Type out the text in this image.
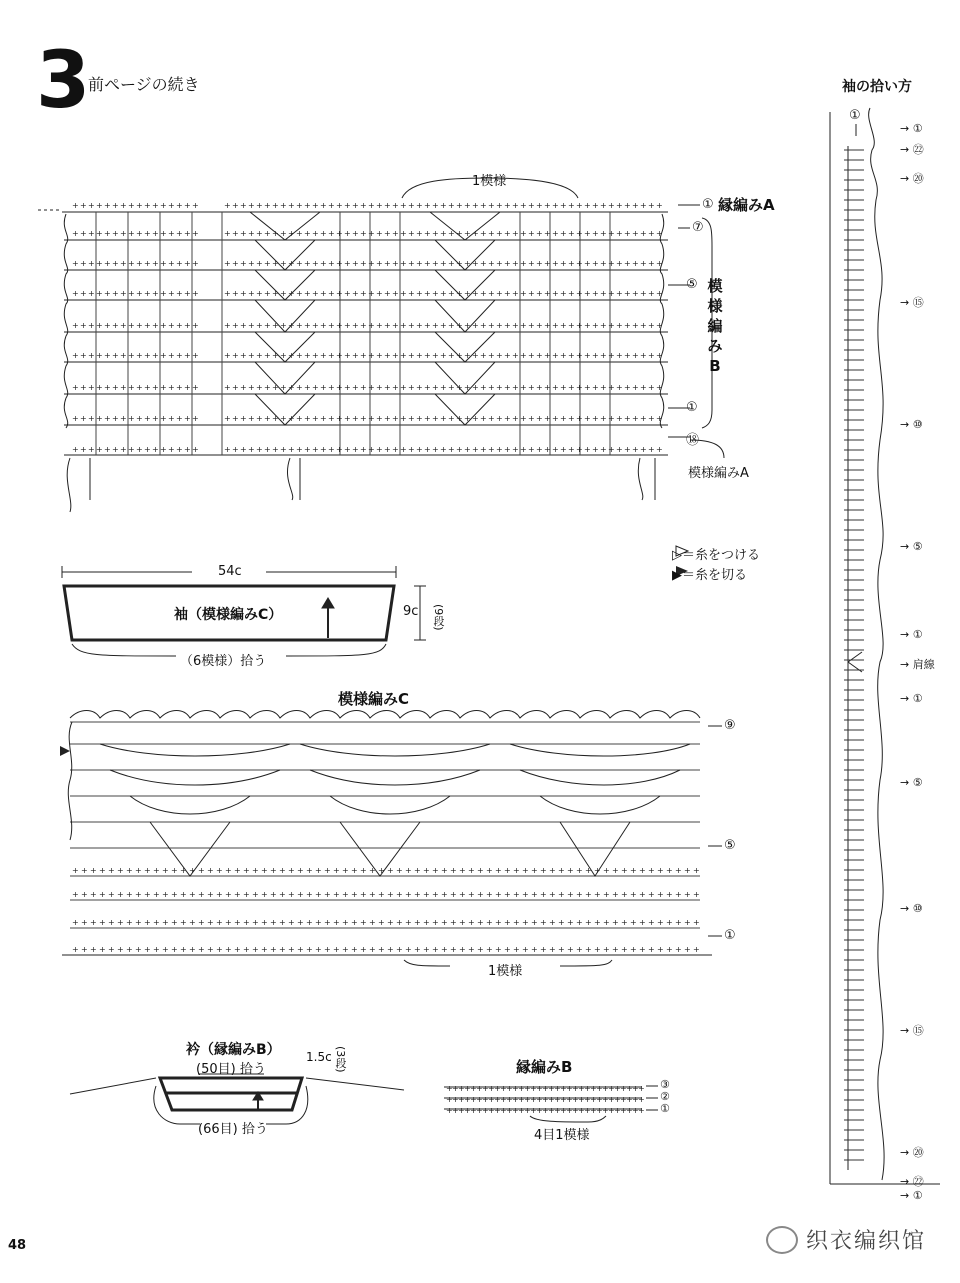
3
前ページの続き
+ + + + + + + + + + + + + + + +	+ + + + + + + + + + + + + + + + + + + + + + + + + + + + + + + + + + + + + + + + + + + + + + + + + + + + + + +
+ + + + + + + + + + + + + + + +	+ + + + + + + + + + + + + + + + + + + + + + + + + + + + + + + + + + + + + + + + + + + + + + + + + + + + + + +
+ + + + + + + + + + + + + + + +	+ + + + + + + + + + + + + + + + + + + + + + + + + + + + + + + + + + + + + + + + + + + + + + + + + + + + + + +
+ + + + + + + + + + + + + + + +	+ + + + + + + + + + + + + + + + + + + + + + + + + + + + + + + + + + + + + + + + + + + + + + + + + + + + + + +
+ + + + + + + + + + + + + + + +	+ + + + + + + + + + + + + + + + + + + + + + + + + + + + + + + + + + + + + + + + + + + + + + + + + + + + + + +
+ + + + + + + + + + + + + + + +	+ + + + + + + + + + + + + + + + + + + + + + + + + + + + + + + + + + + + + + + + + + + + + + + + + + + + + + +
+ + + + + + + + + + + + + + + +	+ + + + + + + + + + + + + + + + + + + + + + + + + + + + + + + + + + + + + + + + + + + + + + + + + + + + + + +
+ + + + + + + + + + + + + + + +	+ + + + + + + + + + + + + + + + + + + + + + + + + + + + + + + + + + + + + + + + + + + + + + + + + + + + + + +
+ + + + + + + + + + + + + + + +	+ + + + + + + + + + + + + + + + + + + + + + + + + + + + + + + + + + + + + + + + + + + + + + + + + + + + + + +
+ + + + + + + + + + + + + + + + + + + + + + + + + + + + + + + + + + + + + + + + + + + + + + + + + + + + + + + + + + + + + + + + + + + + + +
+ + + + + + + + + + + + + + + + + + + + + + + + + + + + + + + + + + + + + + + + + + + + + + + + + + + + + + + + + + + + + + + + + + + + + +
+ + + + + + + + + + + + + + + + + + + + + + + + + + + + + + + + + + + + + + + + + + + + + + + + + + + + + + + + + + + + + + + + + + + + + +
+ + + + + + + + + + + + + + + + + + + + + + + + + + + + + + + + + + + + + + + + + + + + + + + + + + + + + + + + + + + + + + + + + + + + + +
+ + + + + + + + + + + + + + + + + + + + + + + + + + + + + + + + +
+ + + + + + + + + + + + + + + + + + + + + + + + + + + + + + + + +
+ + + + + + + + + + + + + + + + + + + + + + + + + + + + + + + + +
1模様
① 縁編みA
⑦
⑤
①
⑱
模
様
編
み
B
模様編みA
▷＝糸をつける
▶＝糸を切る
54c
袖（模様編みC）	9c (9段)
（6模様）拾う
模様編みC
⑨
⑤
①
1模様
衿（縁編みB）
(50目) 拾う
1.5c (3段)
(66目) 拾う
縁編みB
③
②
①
4目1模様
袖の拾い方
①
→ ①
→ ㉒
→ ⑳
→ ⑮
→ ⑩
→ ⑤
→ ①
→ 肩線
→ ①
→ ⑤
→ ⑩
→ ⑮
→ ⑳
→ ㉒
→ ①
48	织衣编织馆
